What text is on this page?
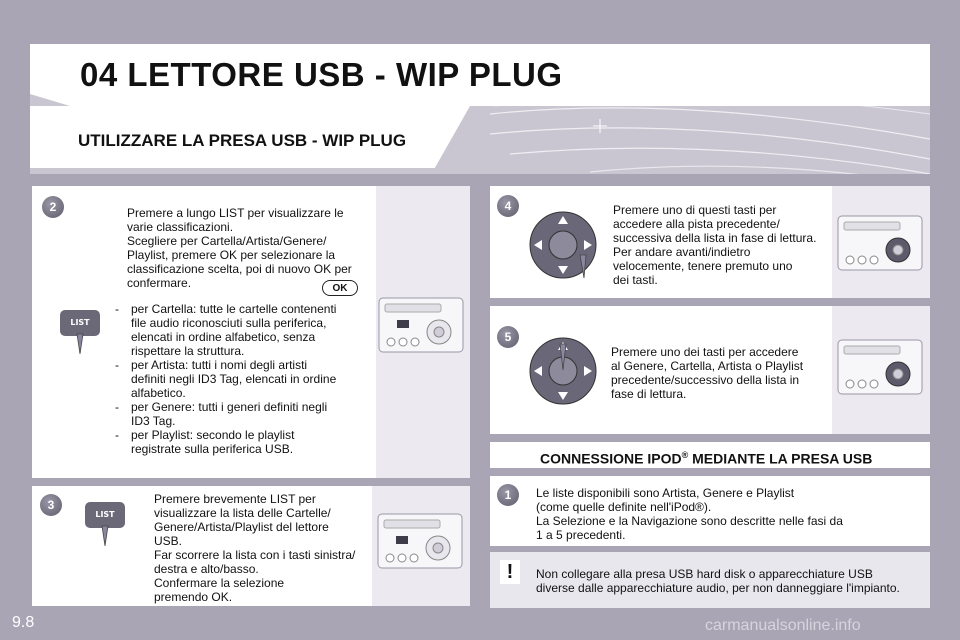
04 LETTORE USB - WIP PLUG
UTILIZZARE LA PRESA USB - WIP PLUG
2	Premere a lungo LIST per visualizzare le

varie classificazioni.

Scegliere per Cartella/Artista/Genere/

Playlist, premere OK per selezionare la

classificazione scelta, poi di nuovo OK per

confermare.	OK
LIST
- per Cartella: tutte le cartelle contenenti
file audio riconosciuti sulla periferica,
elencati in ordine alfabetico, senza
rispettare la struttura.
- per Artista: tutti i nomi degli artisti
definiti negli ID3 Tag, elencati in ordine
alfabetico.
- per Genere: tutti i generi definiti negli
ID3 Tag.
- per Playlist: secondo le playlist
registrate sulla periferica USB.
3
LIST

Premere brevemente LIST per

visualizzare la lista delle Cartelle/

Genere/Artista/Playlist del lettore

USB.

Far scorrere la lista con i tasti sinistra/

destra e alto/basso.

Confermare la selezione

premendo OK.

4	Premere uno di questi tasti per

accedere alla pista precedente/

successiva della lista in fase di lettura.

Per andare avanti/indietro

velocemente, tenere premuto uno

dei tasti.

5

Premere uno dei tasti per accedere

al Genere, Cartella, Artista o Playlist

precedente/successivo della lista in

fase di lettura.

CONNESSIONE IPOD® MEDIANTE LA PRESA USB
1	Le liste disponibili sono Artista, Genere e Playlist

(come quelle definite nell'iPod®).

La Selezione e la Navigazione sono descritte nelle fasi da

1 a 5 precedenti.

!	Non collegare alla presa USB hard disk o apparecchiature USB

diverse dalle apparecchiature audio, per non danneggiare l'impianto.

9.8	carmanualsonline.info
